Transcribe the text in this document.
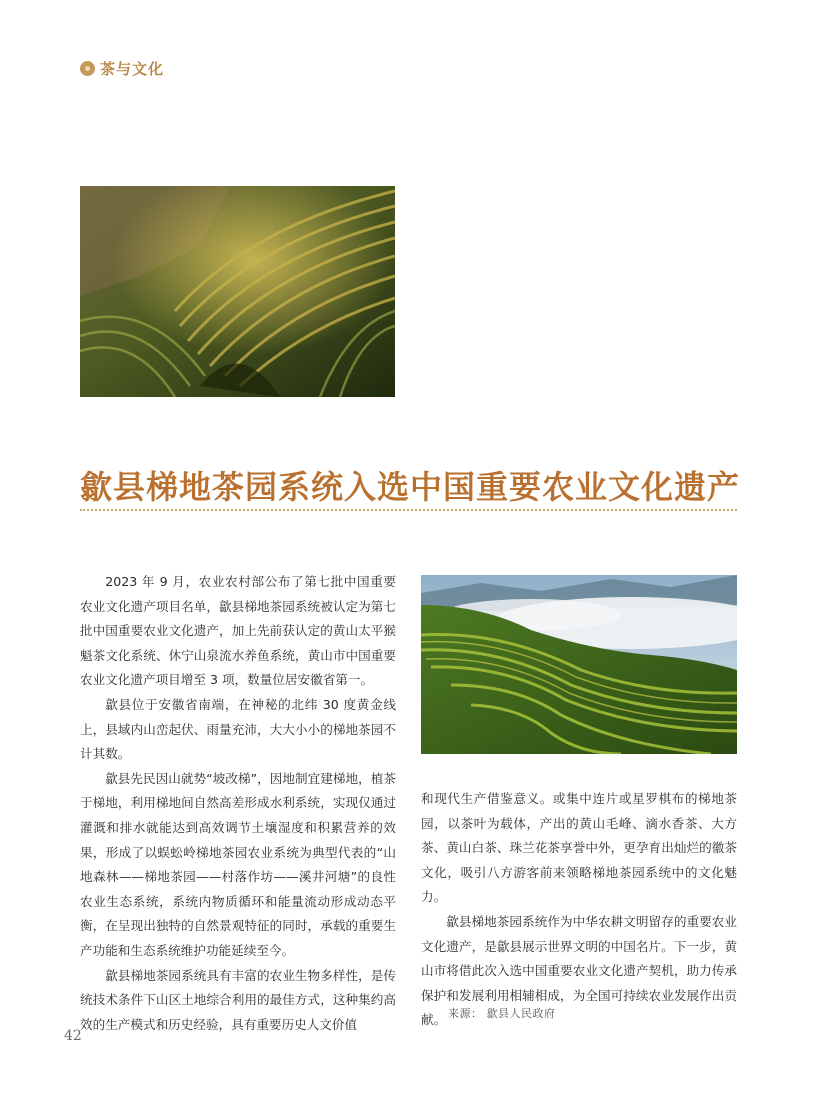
茶与文化
歙县梯地茶园系统入选中国重要农业文化遗产

2023 年 9 月，农业农村部公布了第七批中国重要农业文化遗产项目名单，歙县梯地茶园系统被认定为第七批中国重要农业文化遗产，加上先前获认定的黄山太平猴魁茶文化系统、休宁山泉流水养鱼系统，黄山市中国重要农业文化遗产项目增至 3 项，数量位居安徽省第一。

歙县位于安徽省南端，在神秘的北纬 30 度黄金线上，县域内山峦起伏、雨量充沛，大大小小的梯地茶园不计其数。

歙县先民因山就势“坡改梯”，因地制宜建梯地，植茶于梯地，利用梯地间自然高差形成水利系统，实现仅通过灌溉和排水就能达到高效调节土壤湿度和积累营养的效果，形成了以蜈蚣岭梯地茶园农业系统为典型代表的“山地森林——梯地茶园——村落作坊——溪井河塘”的良性农业生态系统，系统内物质循环和能量流动形成动态平衡，在呈现出独特的自然景观特征的同时，承载的重要生产功能和生态系统维护功能延续至今。

歙县梯地茶园系统具有丰富的农业生物多样性，是传统技术条件下山区土地综合利用的最佳方式，这种集约高效的生产模式和历史经验，具有重要历史人文价值

和现代生产借鉴意义。或集中连片或星罗棋布的梯地茶园，以茶叶为载体，产出的黄山毛峰、滴水香茶、大方茶、黄山白茶、珠兰花茶享誉中外，更孕育出灿烂的徽茶文化，吸引八方游客前来领略梯地茶园系统中的文化魅力。

歙县梯地茶园系统作为中华农耕文明留存的重要农业文化遗产，是歙县展示世界文明的中国名片。下一步，黄山市将借此次入选中国重要农业文化遗产契机，助力传承保护和发展利用相辅相成，为全国可持续农业发展作出贡献。 来源： 歙县人民政府
42
